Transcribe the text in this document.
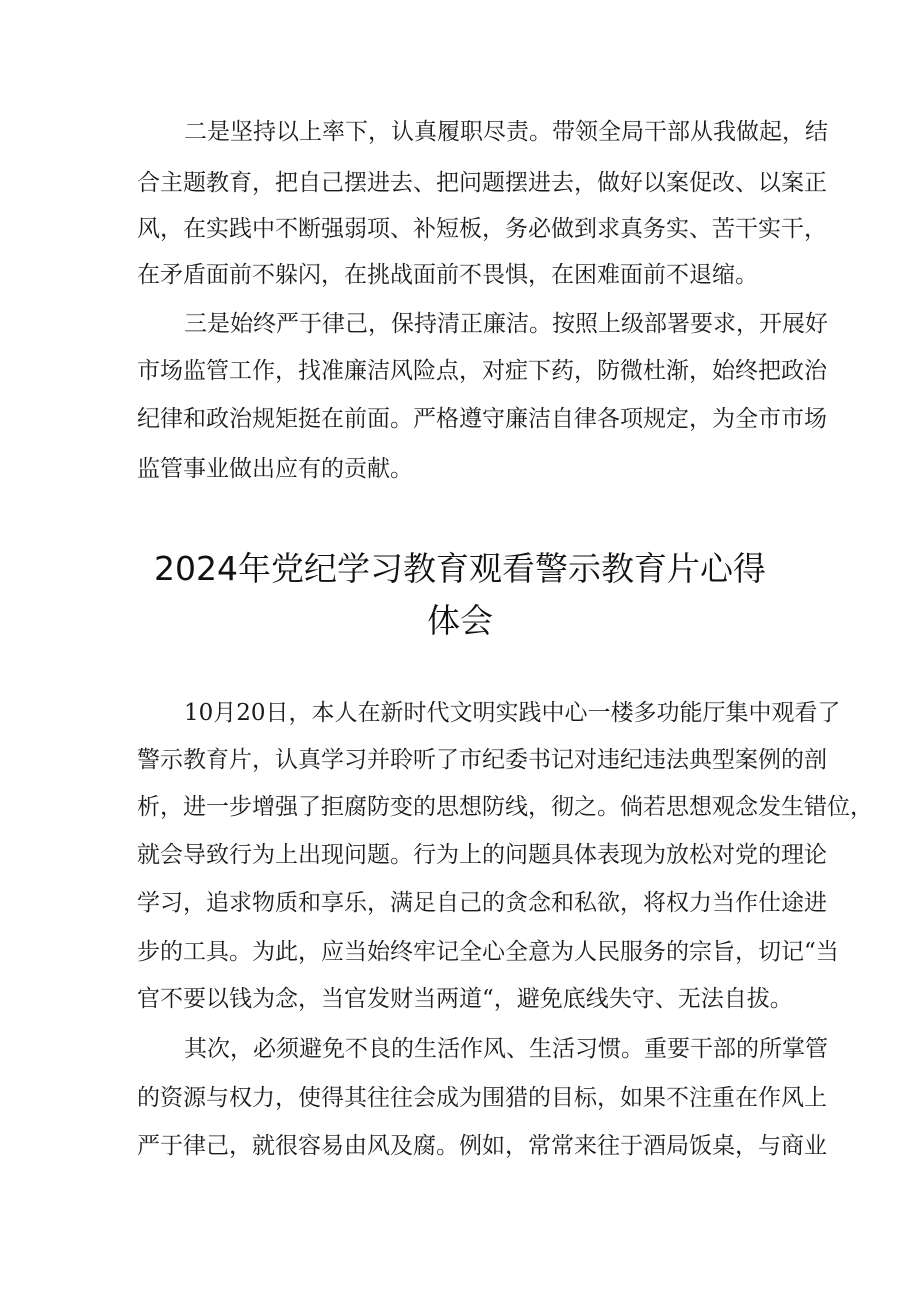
二是坚持以上率下，认真履职尽责。带领全局干部从我做起，结
合主题教育，把自己摆进去、把问题摆进去，做好以案促改、以案正
风，在实践中不断强弱项、补短板，务必做到求真务实、苦干实干，
在矛盾面前不躲闪，在挑战面前不畏惧，在困难面前不退缩。
三是始终严于律己，保持清正廉洁。按照上级部署要求，开展好
市场监管工作，找准廉洁风险点，对症下药，防微杜渐，始终把政治
纪律和政治规矩挺在前面。严格遵守廉洁自律各项规定，为全市市场
监管事业做出应有的贡献。
2024年党纪学习教育观看警示教育片心得
体会
10月20日，本人在新时代文明实践中心一楼多功能厅集中观看了
警示教育片，认真学习并聆听了市纪委书记对违纪违法典型案例的剖
析，进一步增强了拒腐防变的思想防线，彻之。倘若思想观念发生错位，
就会导致行为上出现问题。行为上的问题具体表现为放松对党的理论
学习，追求物质和享乐，满足自己的贪念和私欲，将权力当作仕途进
步的工具。为此，应当始终牢记全心全意为人民服务的宗旨，切记“当
官不要以钱为念，当官发财当两道“，避免底线失守、无法自拔。
其次，必须避免不良的生活作风、生活习惯。重要干部的所掌管
的资源与权力，使得其往往会成为围猎的目标，如果不注重在作风上
严于律己，就很容易由风及腐。例如，常常来往于酒局饭桌，与商业
